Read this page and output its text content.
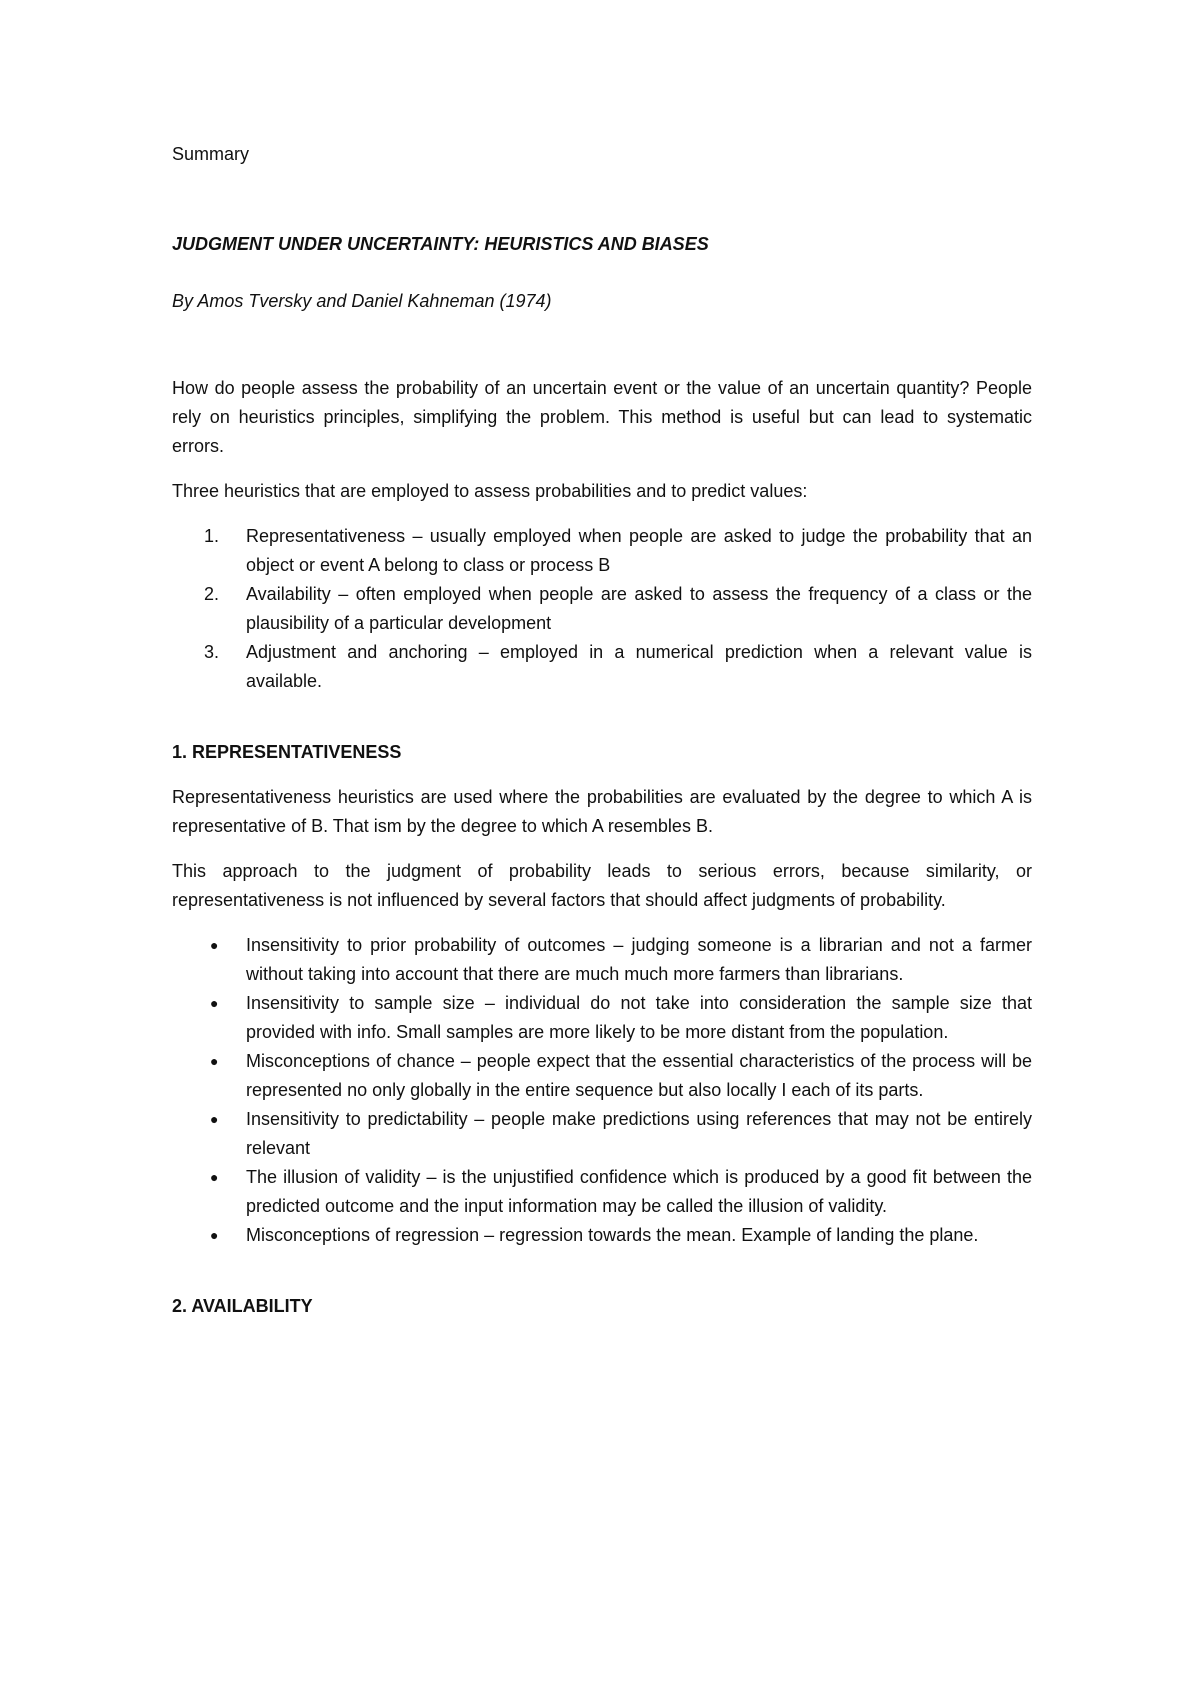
Summary

JUDGMENT UNDER UNCERTAINTY: HEURISTICS AND BIASES

By Amos Tversky and Daniel Kahneman (1974)

How do people assess the probability of an uncertain event or the value of an uncertain quantity? People rely on heuristics principles, simplifying the problem. This method is useful but can lead to systematic errors.

Three heuristics that are employed to assess probabilities and to predict values:

1.	Representativeness – usually employed when people are asked to judge the probability that an object or event A belong to class or process B
2.	Availability – often employed when people are asked to assess the frequency of a class or the plausibility of a particular development
3.	Adjustment and anchoring – employed in a numerical prediction when a relevant value is available.

1. REPRESENTATIVENESS

Representativeness heuristics are used where the probabilities are evaluated by the degree to which A is representative of B. That ism by the degree to which A resembles B.

This approach to the judgment of probability leads to serious errors, because similarity, or representativeness is not influenced by several factors that should affect judgments of probability.

● Insensitivity to prior probability of outcomes – judging someone is a librarian and not a farmer without taking into account that there are much much more farmers than librarians.
● Insensitivity to sample size – individual do not take into consideration the sample size that provided with info. Small samples are more likely to be more distant from the population.
● Misconceptions of chance – people expect that the essential characteristics of the process will be represented no only globally in the entire sequence but also locally I each of its parts.
● Insensitivity to predictability – people make predictions using references that may not be entirely relevant
● The illusion of validity – is the unjustified confidence which is produced by a good fit between the predicted outcome and the input information may be called the illusion of validity.
● Misconceptions of regression – regression towards the mean. Example of landing the plane.

2. AVAILABILITY
